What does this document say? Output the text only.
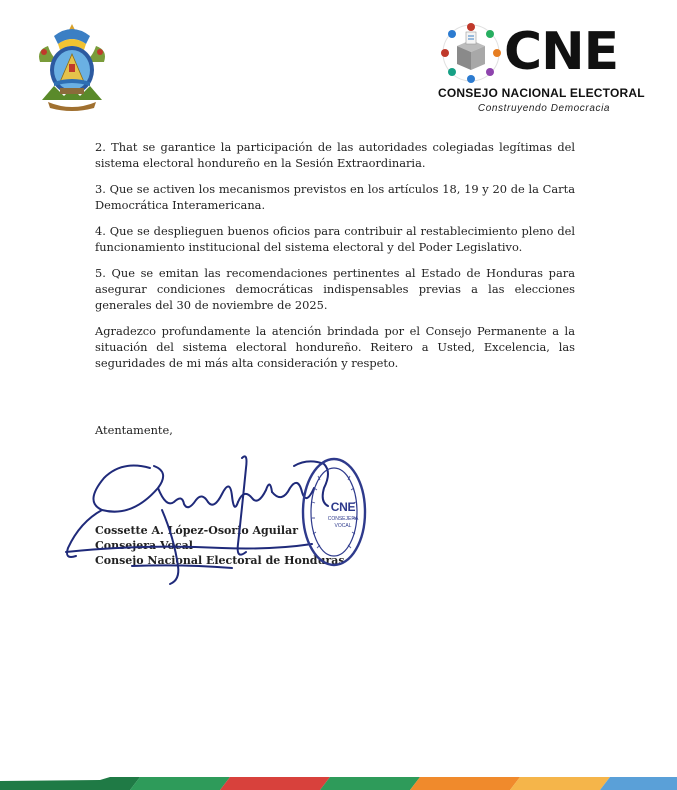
CNE
CONSEJO NACIONAL ELECTORAL
Construyendo Democracia

2. That se garantice la participación de las autoridades colegiadas legítimas del sistema electoral hondureño en la Sesión Extraordinaria.

3. Que se activen los mecanismos previstos en los artículos 18, 19 y 20 de la Carta Democrática Interamericana.

4. Que se desplieguen buenos oficios para contribuir al restablecimiento pleno del funcionamiento institucional del sistema electoral y del Poder Legislativo.

5. Que se emitan las recomendaciones pertinentes al Estado de Honduras para asegurar condiciones democráticas indispensables previas a las elecciones generales del 30 de noviembre de 2025.

Agradezco profundamente la atención brindada por el Consejo Permanente a la situación del sistema electoral hondureño. Reitero a Usted, Excelencia, las seguridades de mi más alta consideración y respeto.

Atentamente,
Cossette A. López-Osorio Aguilar
Consejera Vocal
Consejo Nacional Electoral de Honduras
CNE
CONSEJERA VOCAL
